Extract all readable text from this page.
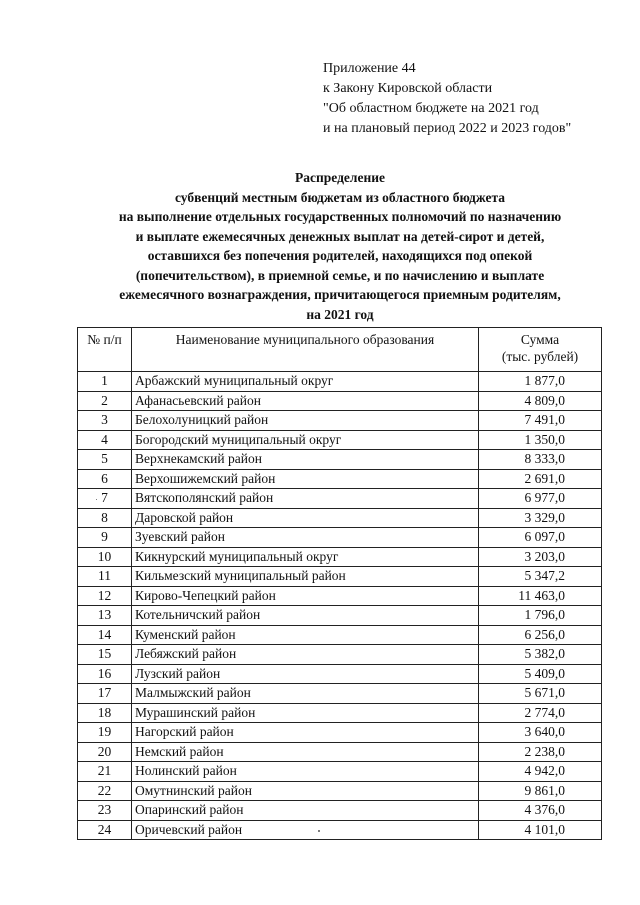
Приложение 44
к Закону Кировской области
"Об областном бюджете на 2021 год
и на плановый период 2022 и 2023 годов"
Распределение
субвенций местным бюджетам из областного бюджета
на выполнение отдельных государственных полномочий по назначению
и выплате ежемесячных денежных выплат на детей-сирот и детей,
оставшихся без попечения родителей, находящихся под опекой
(попечительством), в приемной семье, и по начислению и выплате
ежемесячного вознаграждения, причитающегося приемным родителям,
на 2021 год
№ п/п	Наименование муниципального образования	Сумма
(тыс. рублей)

1	Арбажский муниципальный округ	1 877,0
2	Афанасьевский район	4 809,0
3	Белохолуницкий район	7 491,0
4	Богородский муниципальный округ	1 350,0
5	Верхнекамский район	8 333,0
6	Верхошижемский район	2 691,0
7	Вятскополянский район	6 977,0
8	Даровской район	3 329,0
9	Зуевский район	6 097,0
10	Кикнурский муниципальный округ	3 203,0
11	Кильмезский муниципальный район	5 347,2
12	Кирово-Чепецкий район	11 463,0
13	Котельничский район	1 796,0
14	Куменский район	6 256,0
15	Лебяжский район	5 382,0
16	Лузский район	5 409,0
17	Малмыжский район	5 671,0
18	Мурашинский район	2 774,0
19	Нагорский район	3 640,0
20	Немский район	2 238,0
21	Нолинский район	4 942,0
22	Омутнинский район	9 861,0
23	Опаринский район	4 376,0
24	Оричевский район	4 101,0
